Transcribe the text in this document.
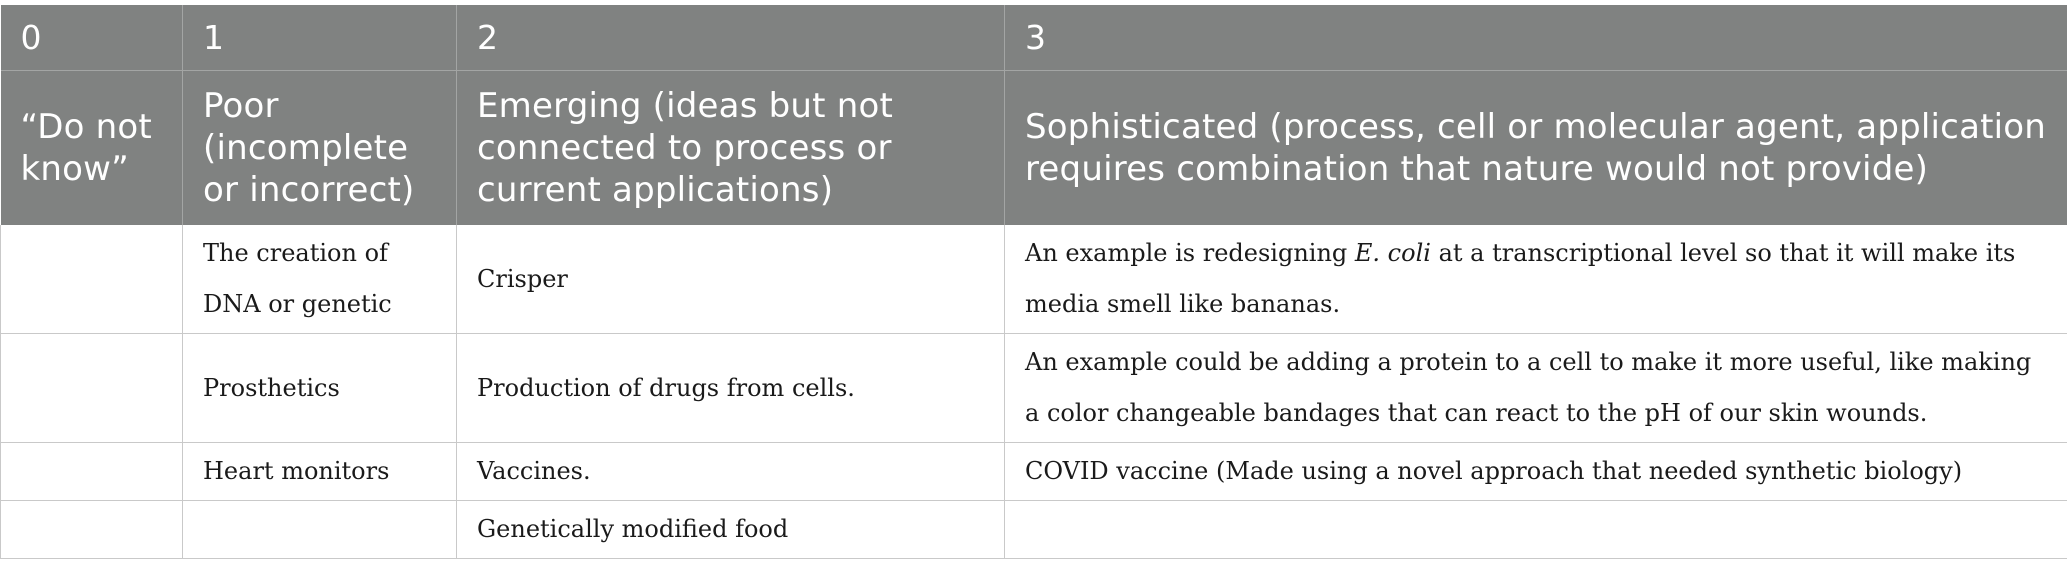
0	1	2	3
“Do not know”	Poor (incomplete or incorrect)	Emerging (ideas but not connected to process or current applications)	Sophisticated (process, cell or molecular agent, application requires combination that nature would not provide)
	The creation of DNA or genetic	Crisper	An example is redesigning E. coli at a transcriptional level so that it will make its media smell like bananas.
	Prosthetics	Production of drugs from cells.	An example could be adding a protein to a cell to make it more useful, like making a color changeable bandages that can react to the pH of our skin wounds.
	Heart monitors	Vaccines.	COVID vaccine (Made using a novel approach that needed synthetic biology)
		Genetically modified food	
